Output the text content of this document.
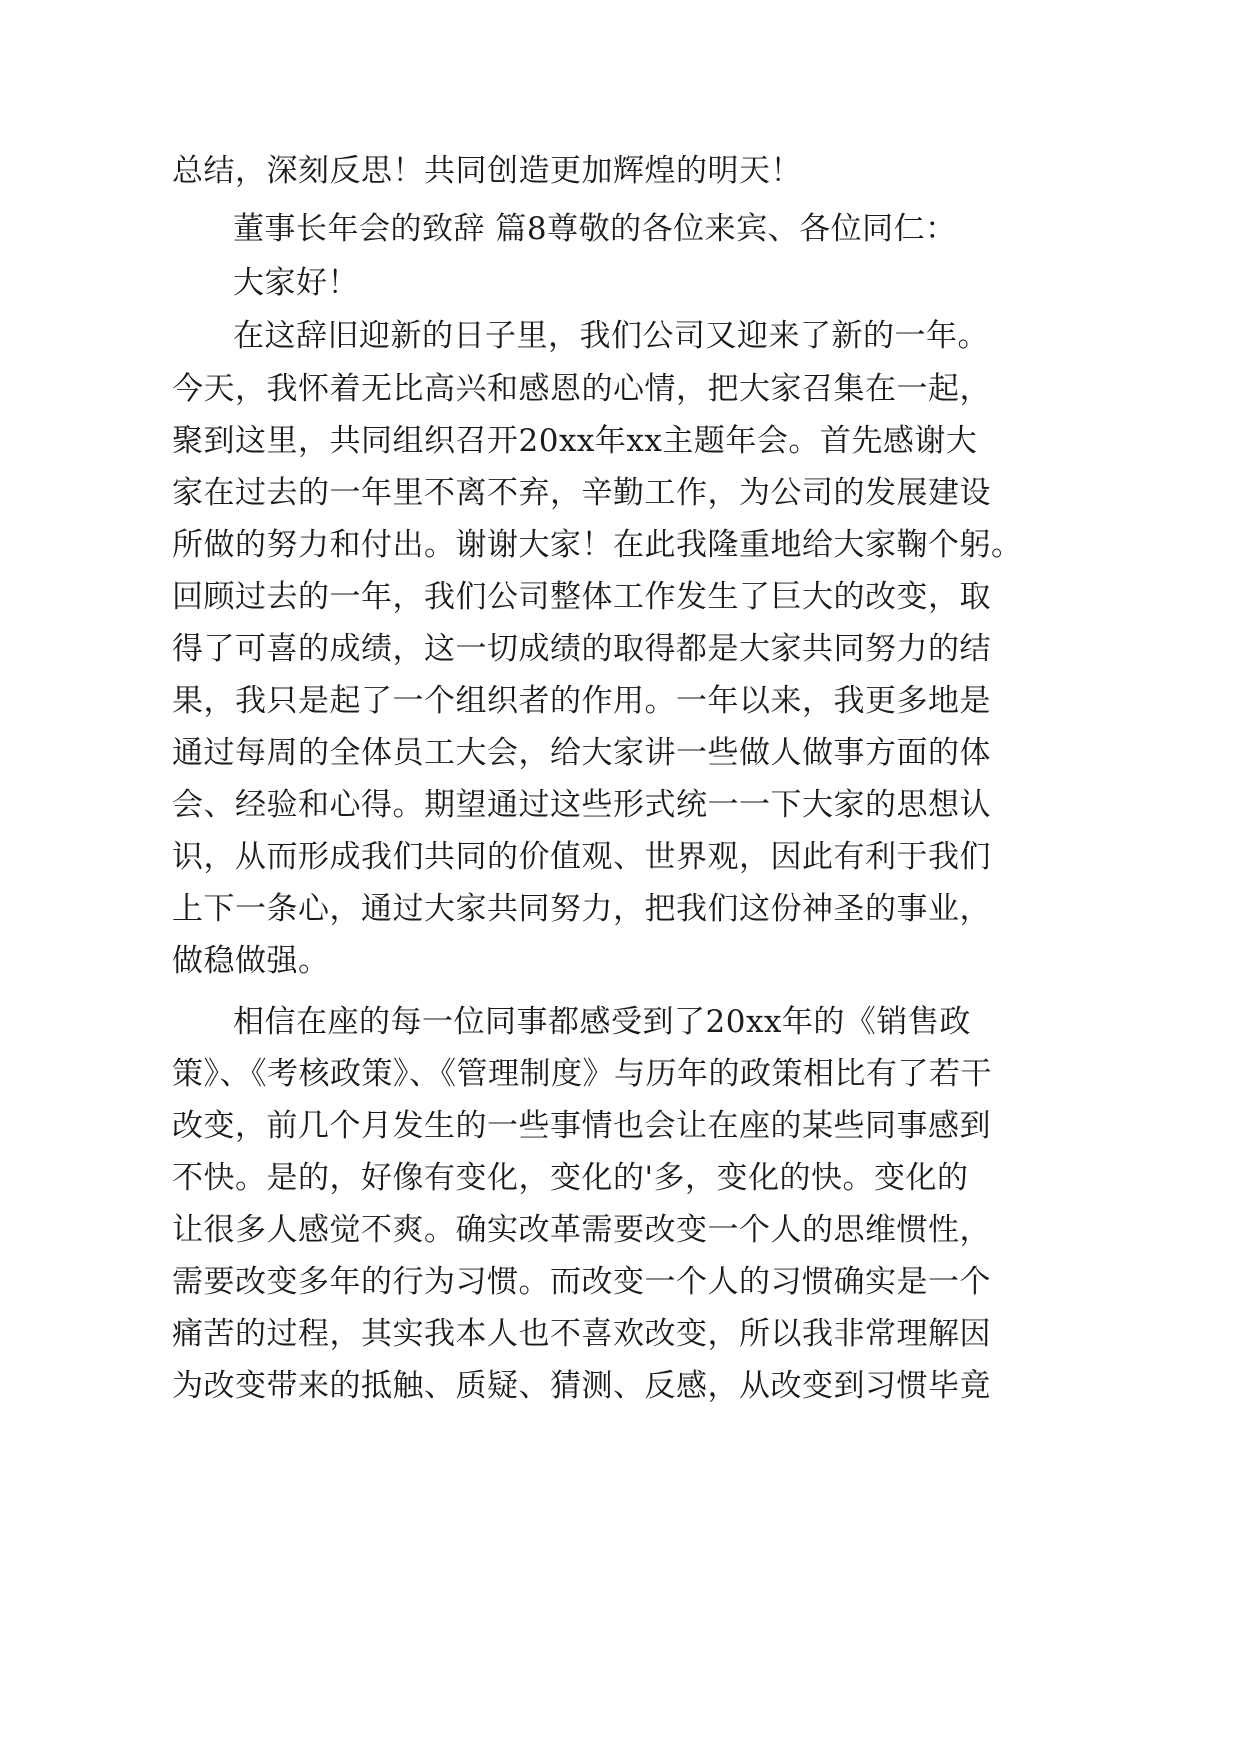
总结，深刻反思！共同创造更加辉煌的明天！
董事长年会的致辞 篇8尊敬的各位来宾、各位同仁：
大家好！
在这辞旧迎新的日子里，我们公司又迎来了新的一年。
今天，我怀着无比高兴和感恩的心情，把大家召集在一起，
聚到这里，共同组织召开20xx年xx主题年会。首先感谢大
家在过去的一年里不离不弃，辛勤工作，为公司的发展建设
所做的努力和付出。谢谢大家！在此我隆重地给大家鞠个躬。
回顾过去的一年，我们公司整体工作发生了巨大的改变，取
得了可喜的成绩，这一切成绩的取得都是大家共同努力的结
果，我只是起了一个组织者的作用。一年以来，我更多地是
通过每周的全体员工大会，给大家讲一些做人做事方面的体
会、经验和心得。期望通过这些形式统一一下大家的思想认
识，从而形成我们共同的价值观、世界观，因此有利于我们
上下一条心，通过大家共同努力，把我们这份神圣的事业，
做稳做强。
相信在座的每一位同事都感受到了20xx年的《销售政
策》、《考核政策》、《管理制度》与历年的政策相比有了若干
改变，前几个月发生的一些事情也会让在座的某些同事感到
不快。是的，好像有变化，变化的'多，变化的快。变化的
让很多人感觉不爽。确实改革需要改变一个人的思维惯性，
需要改变多年的行为习惯。而改变一个人的习惯确实是一个
痛苦的过程，其实我本人也不喜欢改变，所以我非常理解因
为改变带来的抵触、质疑、猜测、反感，从改变到习惯毕竟
